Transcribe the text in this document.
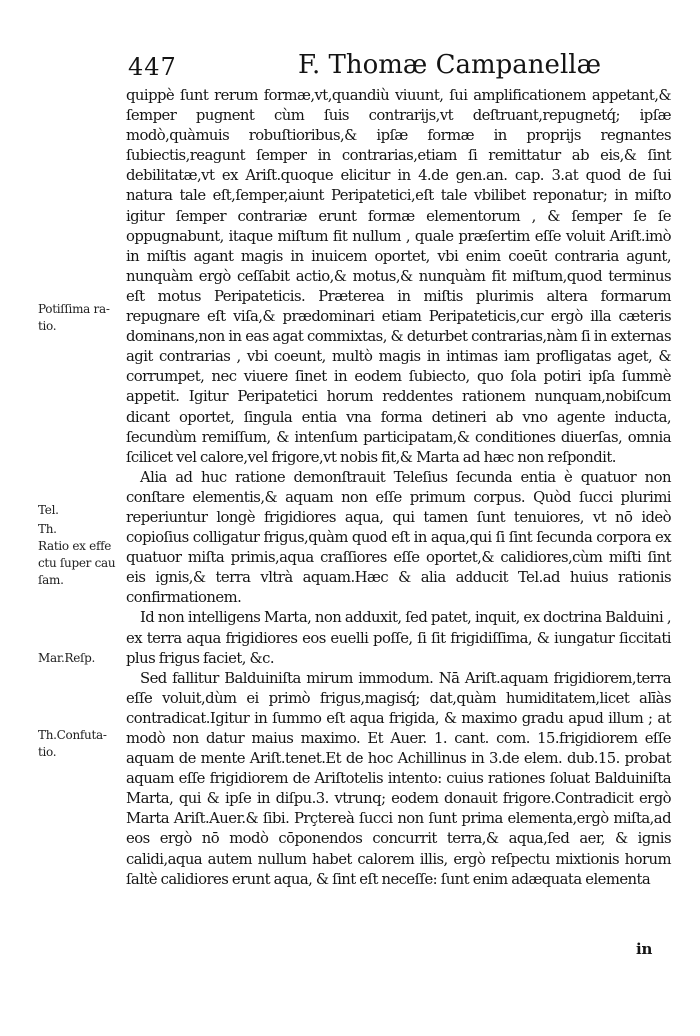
447	F. Thomæ Campanellæ

quippè ſunt rerum formæ,vt,quandiù viuunt, ſui amplificationem appetant,& ſemper pugnent cùm ſuis contrarijs,vt deſtruant,repugnetq́; ipſæ modò,quàmuis robuſtioribus,& ipſæ formæ in proprijs regnantes ſubiectis,reagunt ſemper in contrarias,etiam ſi remittatur ab eis,& ſint debilitatæ,vt ex Ariſt.quoque elicitur in 4.de gen.an. cap. 3.at quod de ſui natura tale eſt,ſemper,aiunt Peripatetici,eſt tale vbilibet reponatur; in miſto igitur ſemper contrariæ erunt formæ elementorum , & ſemper ſe ſe oppugnabunt, itaque miſtum fit nullum , quale præſertim eſſe voluit Ariſt.imò in miſtis agant magis in inuicem oportet, vbi enim coeūt contraria agunt, nunquàm ergò ceſſabit actio,& motus,& nunquàm fit miſtum,quod terminus eſt motus Peripateticis. Præterea in miſtis plurimis altera formarum repugnare eſt viſa,& prædominari etiam Peripateticis,cur ergò illa cæteris dominans,non in eas agat commixtas, & deturbet contrarias,nàm ſi in externas agit contrarias , vbi coeunt, multò magis in intimas iam profligatas aget, & corrumpet, nec viuere ſinet in eodem ſubiecto, quo ſola potiri ipſa ſummè appetit. Igitur Peripatetici horum reddentes rationem nunquam,nobiſcum dicant oportet, ſingula entia vna forma detineri ab vno agente inducta, ſecundùm remiſſum, & intenſum participatam,& conditiones diuerſas, omnia ſcilicet vel calore,vel frigore,vt nobis fit,& Marta ad hæc non reſpondit.

Alia ad huc ratione demonſtrauit Teleſius ſecunda entia è quatuor non conſtare elementis,& aquam non eſſe primum corpus. Quòd ſucci plurimi reperiuntur longè frigidiores aqua, qui tamen ſunt tenuiores, vt nō ideò copioſius colligatur frigus,quàm quod eſt in aqua,qui ſi ſint ſecunda corpora ex quatuor miſta primis,aqua craſſiores eſſe oportet,& calidiores,cùm miſti ſint eis ignis,& terra vltrà aquam.Hæc & alia adducit Tel.ad huius rationis confirmationem.

Id non intelligens Marta, non adduxit, ſed patet, inquit, ex doctrina Balduini , ex terra aqua frigidiores eos euelli poſſe, ſi ſit frigidiſſima, & iungatur ſiccitati plus frigus faciet, &c.

Sed fallitur Balduiniſta mirum immodum. Nā Ariſt.aquam frigidiorem,terra eſſe voluit,dùm ei primò frigus,magisq́; dat,quàm humiditatem,licet alīàs contradicat.Igitur in ſummo eſt aqua frigida, & maximo gradu apud illum ; at modò non datur maius maximo. Et Auer. 1. cant. com. 15.frigidiorem eſſe aquam de mente Ariſt.tenet.Et de hoc Achillinus in 3.de elem. dub.15. probat aquam eſſe frigidiorem de Ariſtotelis intento: cuius rationes ſoluat Balduiniſta Marta, qui & ipſe in diſpu.3. vtrunq; eodem donauit frigore.Contradicit ergò Marta Ariſt.Auer.& ſibi. Prçtereà ſucci non ſunt prima elementa,ergò miſta,ad eos ergò nō modò cōponendos concurrit terra,& aqua,ſed aer, & ignis calidi,aqua autem nullum habet calorem illis, ergò reſpectu mixtionis horum ſaltè calidiores erunt aqua, & ſint eſt neceſſe: ſunt enim adæquata elementa

Potiſſima ra- tio.
Tel.
Th.
Ratio ex effe ctu ſuper cau ſam.
Mar.Reſp.
Th.Confuta- tio.
in
